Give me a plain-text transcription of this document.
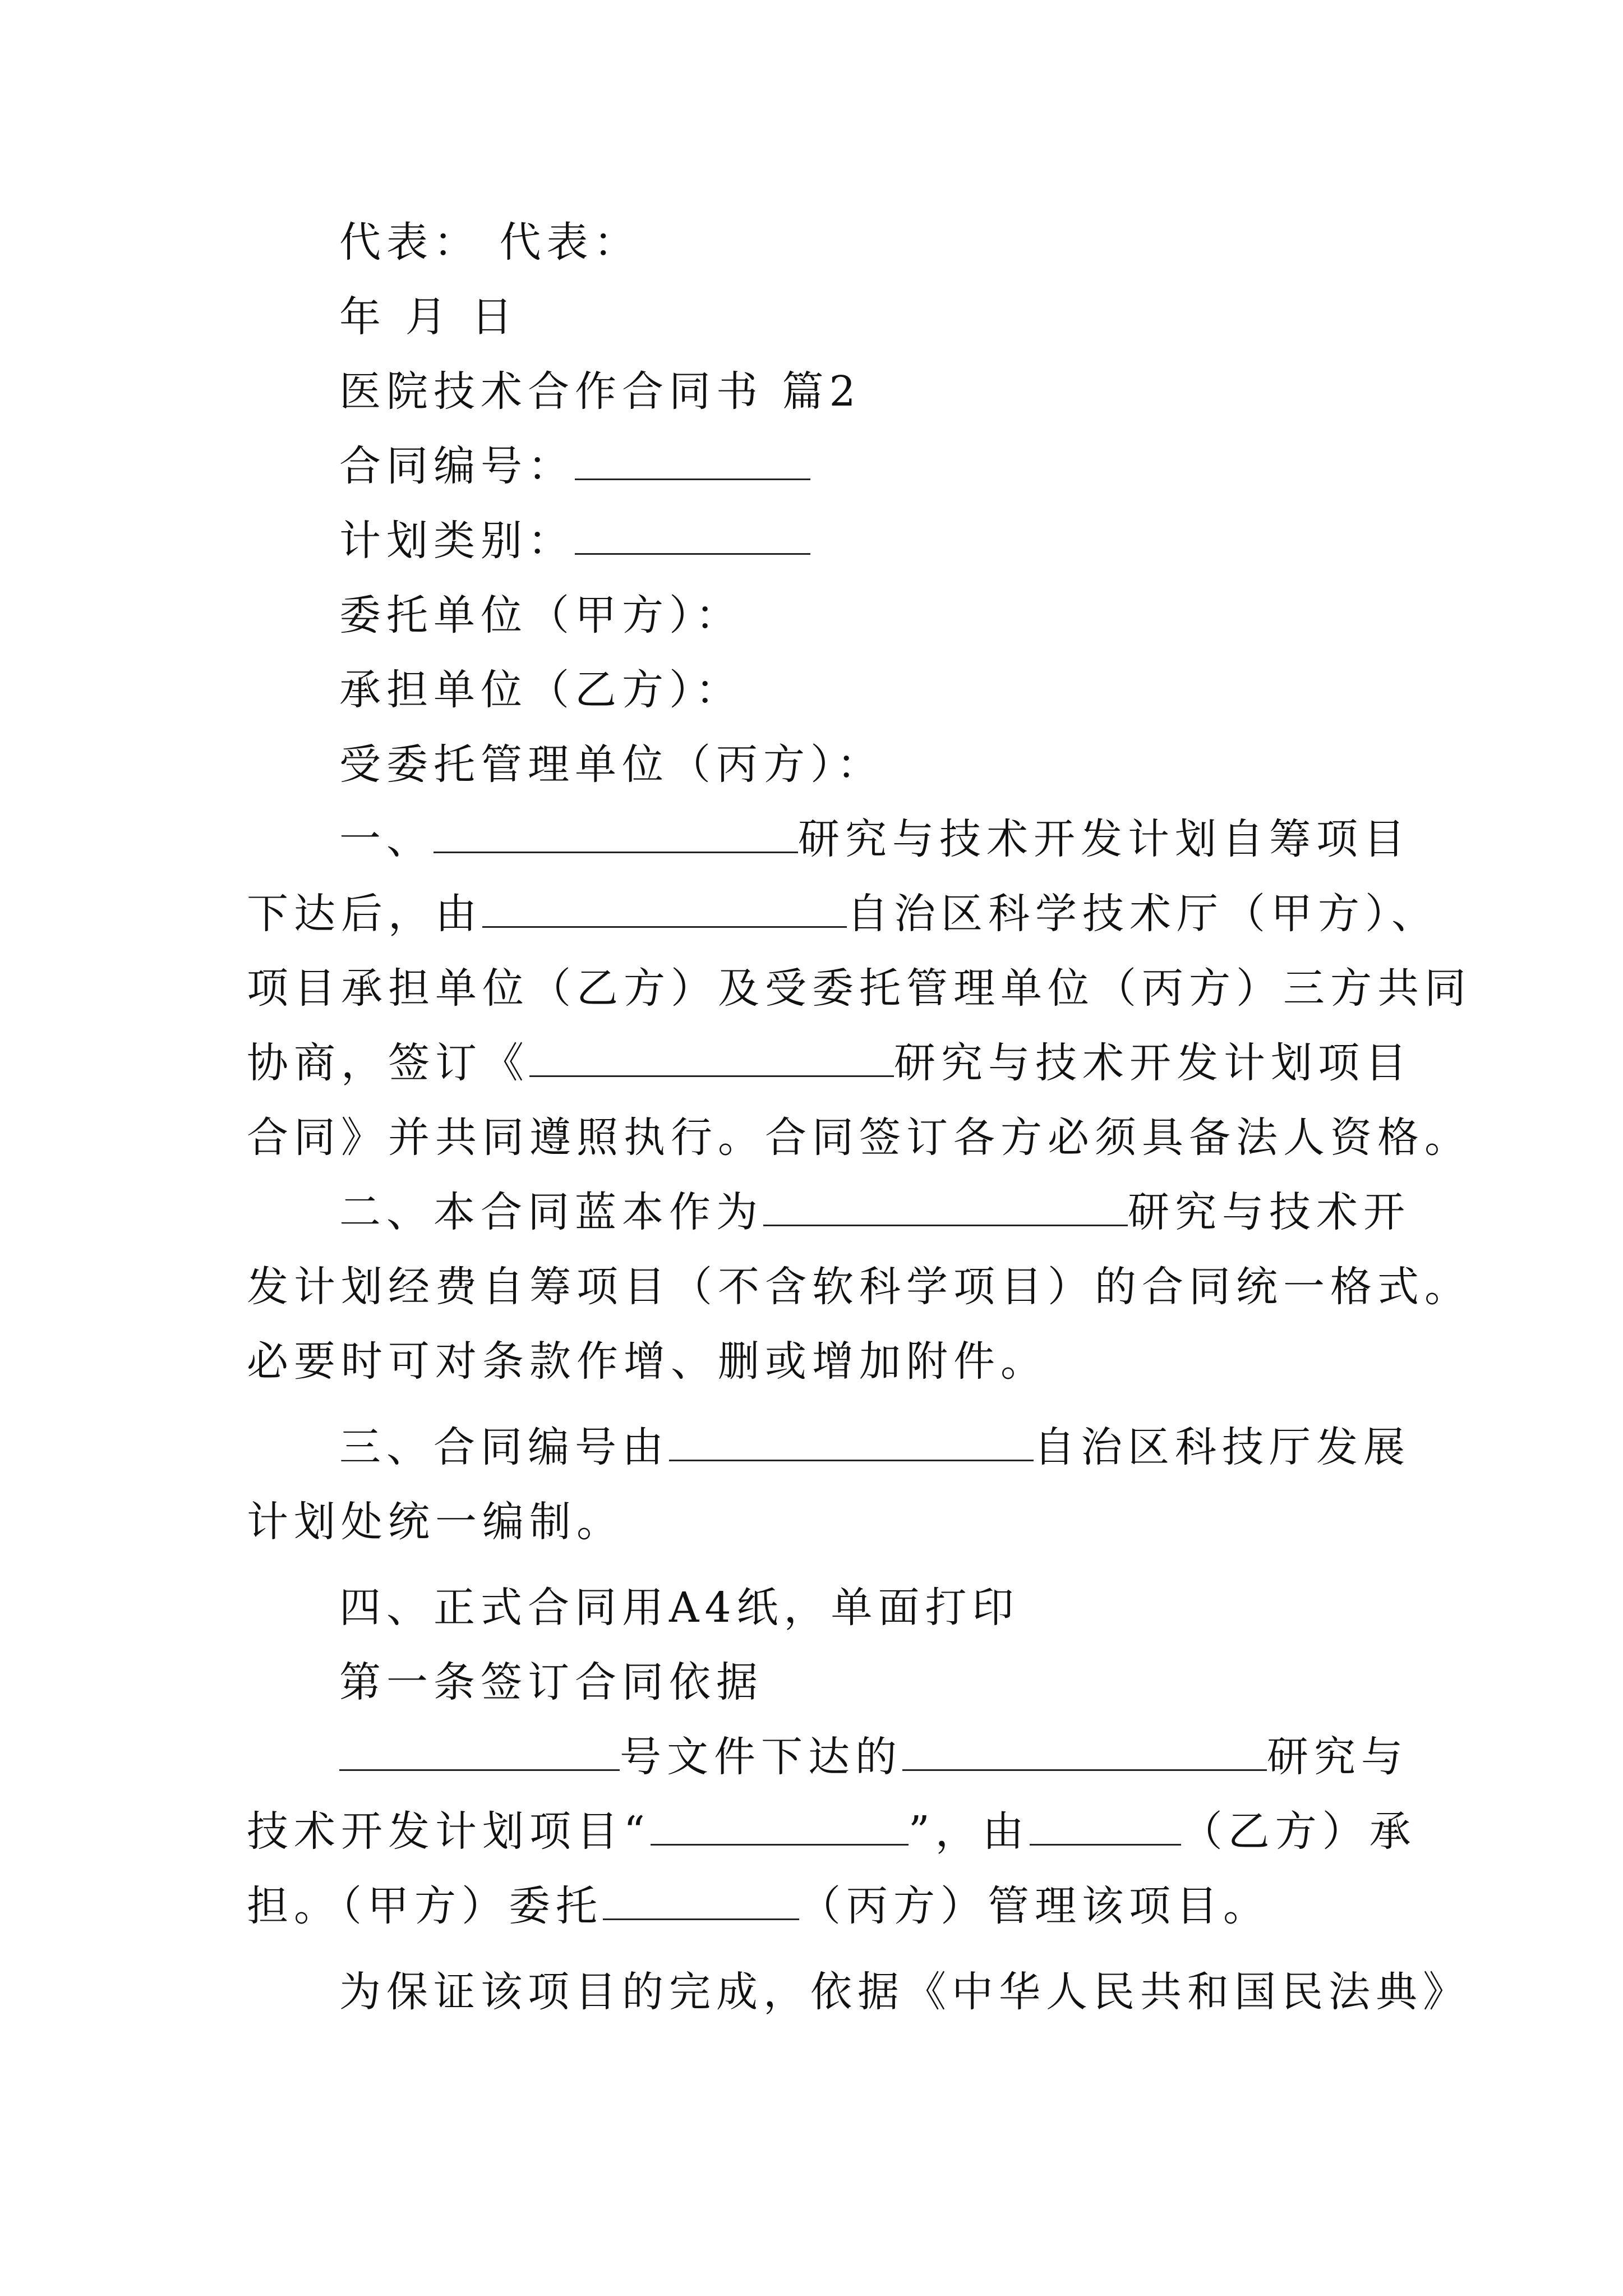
代表： 代表：
年 月 日
医院技术合作合同书 篇2
合同编号：
计划类别：
委托单位（甲方）：
承担单位（乙方）：
受委托管理单位（丙方）：
一、	研究与技术开发计划自筹项目
下达后，由	自治区科学技术厅（甲方）、
项目承担单位（乙方）及受委托管理单位（丙方）三方共同
协商，签订《	研究与技术开发计划项目
合同》并共同遵照执行。合同签订各方必须具备法人资格。
二、本合同蓝本作为	研究与技术开
发计划经费自筹项目（不含软科学项目）的合同统一格式。
必要时可对条款作增、删或增加附件。
三、合同编号由	自治区科技厅发展
计划处统一编制。
四、正式合同用A4纸，单面打印
第一条签订合同依据
号文件下达的	研究与
技术开发计划项目“	”，由	（乙方）承
担。（甲方）委托	（丙方）管理该项目。
为保证该项目的完成，依据《中华人民共和国民法典》
